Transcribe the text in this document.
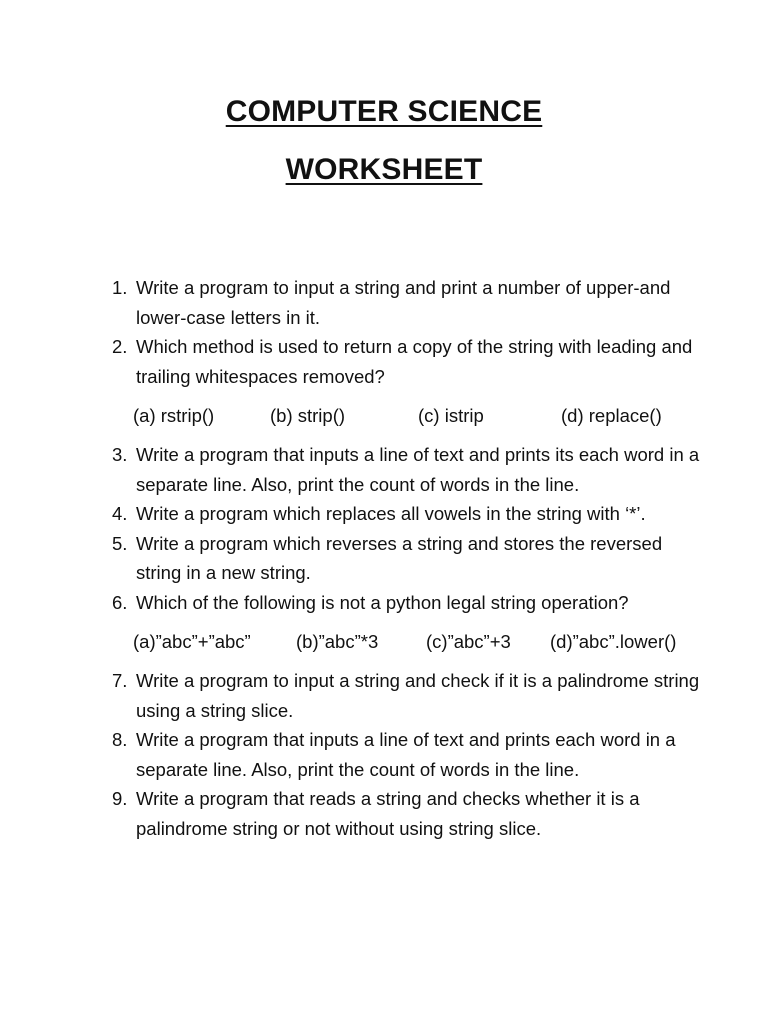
COMPUTER SCIENCE
WORKSHEET
1. Write a program to input a string and print a number of upper-and lower-case letters in it.
2. Which method is used to return a copy of the string with leading and trailing whitespaces removed?
(a) rstrip()	(b) strip()	(c) istrip	(d) replace()
3. Write a program that inputs a line of text and prints its each word in a separate line. Also, print the count of words in the line.
4. Write a program which replaces all vowels in the string with ‘*’.
5. Write a program which reverses a string and stores the reversed string in a new string.
6. Which of the following is not a python legal string operation?
(a)”abc”+”abc” (b)”abc”*3	(c)”abc”+3 (d)”abc”.lower()
7. Write a program to input a string and check if it is a palindrome string using a string slice.
8. Write a program that inputs a line of text and prints each word in a separate line. Also, print the count of words in the line.
9. Write a program that reads a string and checks whether it is a palindrome string or not without using string slice.
